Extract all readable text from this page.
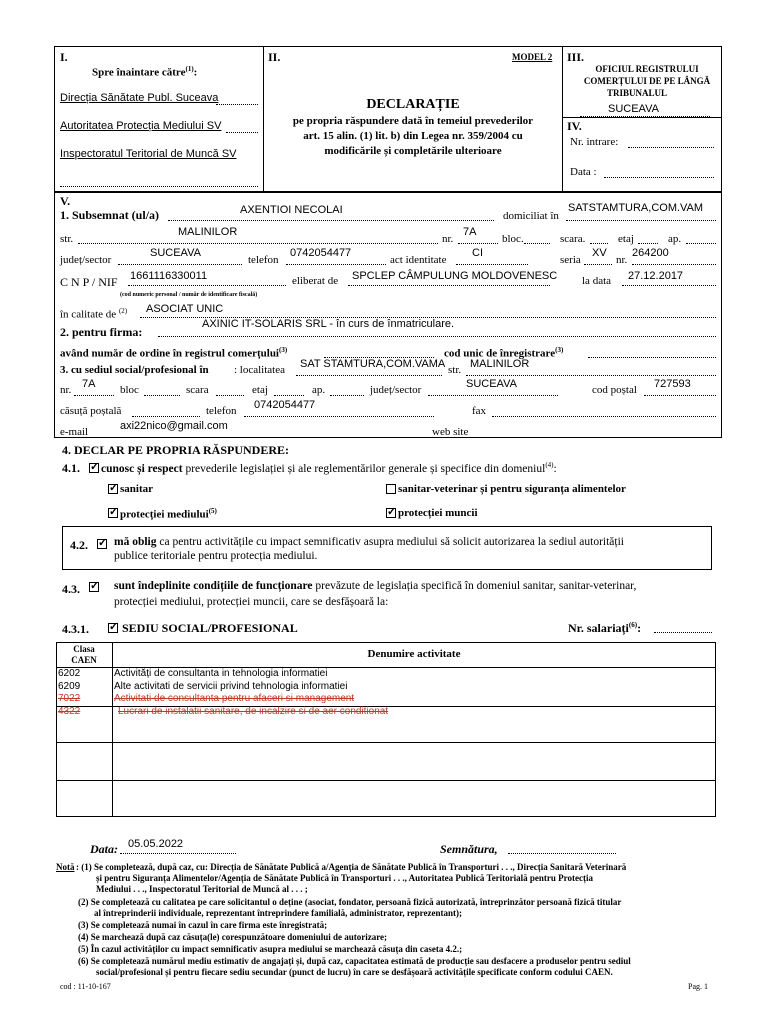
I.
Spre înaintare către$^{(1)}$:
Direcția Sănătate Publ. Suceava
Autoritatea Protecția Mediului SV
Inspectoratul Teritorial de Muncă SV
II.	MODEL 2
DECLARAȚIE
pe propria răspundere dată în temeiul prevederilor
art. 15 alin. (1) lit. b) din Legea nr. 359/2004 cu
modificările și completările ulterioare
III.
OFICIUL REGISTRULUI
COMERȚULUI DE PE LÂNGĂ
TRIBUNALUL
SUCEAVA
IV.
Nr. intrare:
Data :
V.
1. Subsemnat (ul/a)	AXENTIOI NECOLAI	domiciliat în
SATSTAMTURA,COM.VAM
str.
MALINILOR
nr.
7A
bloc.	scara.	etaj	ap.
județ/sector
SUCEAVA
telefon
0742054477
act identitate
CI
seria
XV
nr.
264200
C N P / NIF 1661116330011
(cod numeric personal / număr de identificare fiscală)
eliberat de SPCLEP CÂMPULUNG MOLDOVENESC la data 27.12.2017
în calitate de $^{(2)}$ ASOCIAT UNIC
2. pentru firma:
AXINIC IT-SOLARIS SRL - în curs de înmatriculare.
având număr de ordine în registrul comerțului$^{(3)}$	cod unic de înregistrare$^{(3)}$
3. cu sediul social/profesional în : localitatea SAT STAMTURA,COM.VAMA str. MALINILOR
nr. 7A bloc	scara	etaj	ap.	județ/sector	SUCEAVA	cod poștal 727593
căsuță poștală	telefon 0742054477	fax
e-mail	axi22nico@gmail.com	web site
4. DECLAR PE PROPRIA RĂSPUNDERE:
4.1. ✓ cunosc și respect prevederile legislației și ale reglementărilor generale și specifice din domeniul$^{(4)}$:
✓
sanitar	sanitar-veterinar și pentru siguranța alimentelor
✓
protecției mediului$^{(5)}$ ✓	protecției muncii
4.2. ✓ mă oblig ca pentru activitățile cu impact semnificativ asupra mediului să solicit autorizarea la sediul autorității
publice teritoriale pentru protecția mediului.
4.3. ✓	sunt îndeplinite condițiile de funcționare prevăzute de legislația specifică în domeniul sanitar, sanitar-veterinar,
protecției mediului, protecției muncii, care se desfășoară la:
4.3.1. ✓	SEDIU SOCIAL/PROFESIONAL	Nr. salariați$^{(6)}$:
Clasa
CAEN	Denumire activitate
6202	Activități de consultanta in tehnologia informatiei
6209	Alte activitati de servicii privind tehnologia informatiei
7022	Activitati de consultanta pentru afaceri si management
4322	Lucrari de instalatii sanitare, de incalzire si de aer conditionat
Data: 05.05.2022	Semnătura,
Notă : (1) Se completează, după caz, cu: Direcția de Sănătate Publică a/Agenția de Sănătate Publică în Transporturi . . ., Direcția Sanitară Veterinară
și pentru Siguranța Alimentelor/Agenția de Sănătate Publică în Transporturi . . ., Autoritatea Publică Teritorială pentru Protecția
Mediului . . ., Inspectoratul Teritorial de Muncă al . . . ;
(2) Se completează cu calitatea pe care solicitantul o deține (asociat, fondator, persoană fizică autorizată, întreprinzător persoană fizică titular
al întreprinderii individuale, reprezentant întreprindere familială, administrator, reprezentant);
(3) Se completează numai în cazul în care firma este înregistrată;
(4) Se marchează după caz căsuța(le) corespunzătoare domeniului de autorizare;
(5) În cazul activităților cu impact semnificativ asupra mediului se marchează căsuța din caseta 4.2.;
(6) Se completează numărul mediu estimativ de angajați și, după caz, capacitatea estimată de producție sau desfacere a produselor pentru sediul
social/profesional și pentru fiecare sediu secundar (punct de lucru) în care se desfășoară activitățile specificate conform codului CAEN.
cod : 11-10-167	Pag. 1
